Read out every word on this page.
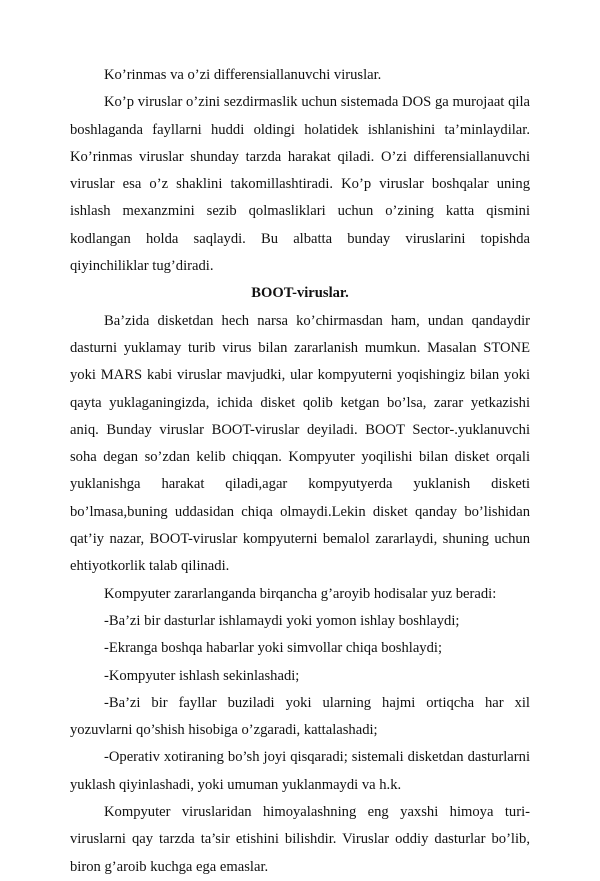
Ko’rinmas va o’zi differensiallanuvchi viruslar.

Ko’p viruslar o’zini sezdirmaslik uchun sistemada DOS ga murojaat qila boshlaganda fayllarni huddi oldingi holatidek ishlanishini ta’minlaydilar. Ko’rinmas viruslar shunday tarzda harakat qiladi. O’zi differensiallanuvchi viruslar esa o’z shaklini takomillashtiradi. Ko’p viruslar boshqalar uning ishlash mexanzmini sezib qolmasliklari uchun o’zining katta qismini kodlangan holda saqlaydi. Bu albatta bunday viruslarini topishda qiyinchiliklar tug’diradi.

BOOT-viruslar.

Ba’zida disketdan hech narsa ko’chirmasdan ham, undan qandaydir dasturni yuklamay turib virus bilan zararlanish mumkun. Masalan STONE yoki MARS kabi viruslar mavjudki, ular kompyuterni yoqishingiz bilan yoki qayta yuklaganingizda, ichida disket qolib ketgan bo’lsa, zarar yetkazishi aniq. Bunday viruslar BOOT-viruslar deyiladi. BOOT Sector-.yuklanuvchi soha degan so’zdan kelib chiqqan. Kompyuter yoqilishi bilan disket orqali yuklanishga harakat qiladi,agar kompyutyerda yuklanish disketi bo’lmasa,buning uddasidan chiqa olmaydi.Lekin disket qanday bo’lishidan qat’iy nazar, BOOT-viruslar kompyuterni bemalol zararlaydi, shuning uchun ehtiyotkorlik talab qilinadi.

Kompyuter zararlanganda birqancha g’aroyib hodisalar yuz beradi:

-Ba’zi bir dasturlar ishlamaydi yoki yomon ishlay boshlaydi;

-Ekranga boshqa habarlar yoki simvollar chiqa boshlaydi;

-Kompyuter ishlash sekinlashadi;

-Ba’zi bir fayllar buziladi yoki ularning hajmi ortiqcha har xil yozuvlarni qo’shish hisobiga o’zgaradi, kattalashadi;

-Operativ xotiraning bo’sh joyi qisqaradi; sistemali disketdan dasturlarni yuklash qiyinlashadi, yoki umuman yuklanmaydi va h.k.

Kompyuter viruslaridan himoyalashning eng yaxshi himoya turi-viruslarni qay tarzda ta’sir etishini bilishdir. Viruslar oddiy dasturlar bo’lib, biron g’aroib kuchga ega emaslar.
